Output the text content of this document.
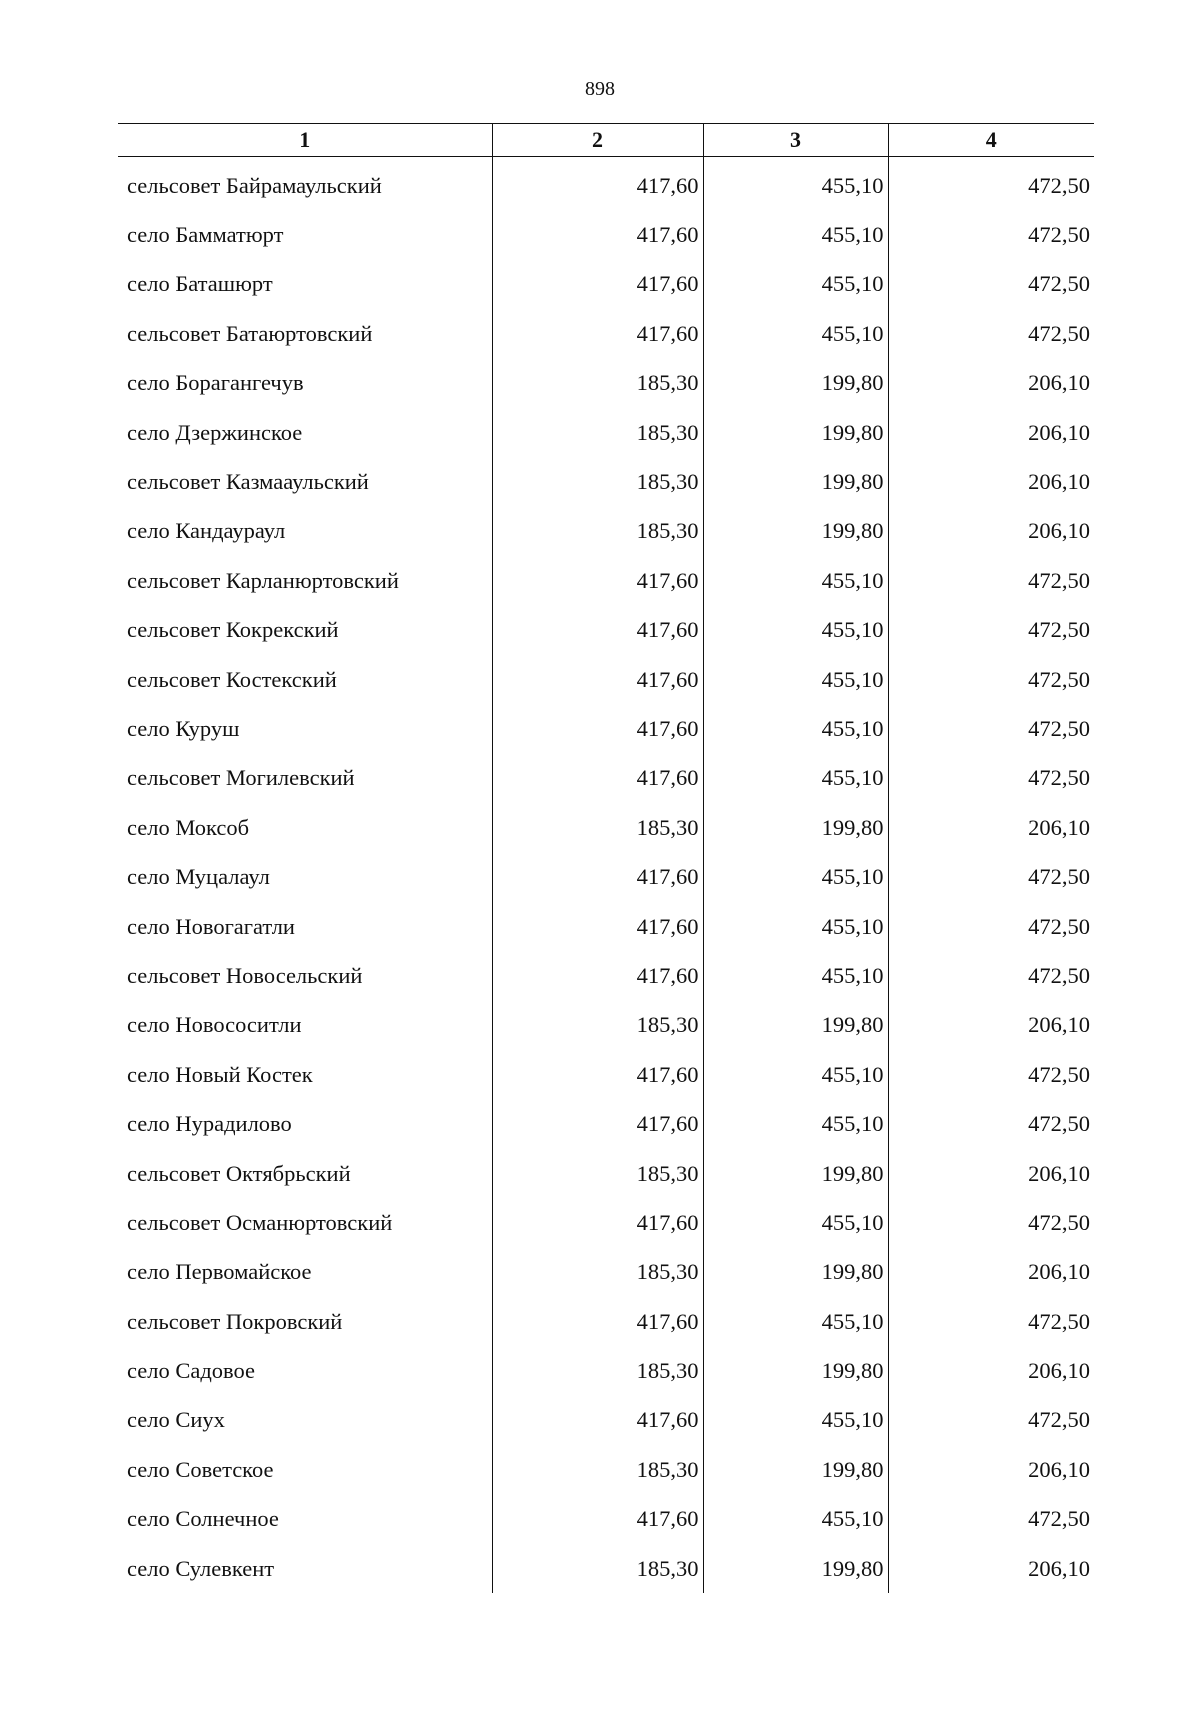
898
1	2	3	4
сельсовет Байрамаульский	417,60	455,10	472,50
село Бамматюрт	417,60	455,10	472,50
село Баташюрт	417,60	455,10	472,50
сельсовет Батаюртовский	417,60	455,10	472,50
село Борагангечув	185,30	199,80	206,10
село Дзержинское	185,30	199,80	206,10
сельсовет Казмааульский	185,30	199,80	206,10
село Кандаураул	185,30	199,80	206,10
сельсовет Карланюртовский	417,60	455,10	472,50
сельсовет Кокрекский	417,60	455,10	472,50
сельсовет Костекский	417,60	455,10	472,50
село Куруш	417,60	455,10	472,50
сельсовет Могилевский	417,60	455,10	472,50
село Моксоб	185,30	199,80	206,10
село Муцалаул	417,60	455,10	472,50
село Новогагатли	417,60	455,10	472,50
сельсовет Новосельский	417,60	455,10	472,50
село Новососитли	185,30	199,80	206,10
село Новый Костек	417,60	455,10	472,50
село Нурадилово	417,60	455,10	472,50
сельсовет Октябрьский	185,30	199,80	206,10
сельсовет Османюртовский	417,60	455,10	472,50
село Первомайское	185,30	199,80	206,10
сельсовет Покровский	417,60	455,10	472,50
село Садовое	185,30	199,80	206,10
село Сиух	417,60	455,10	472,50
село Советское	185,30	199,80	206,10
село Солнечное	417,60	455,10	472,50
село Сулевкент	185,30	199,80	206,10
